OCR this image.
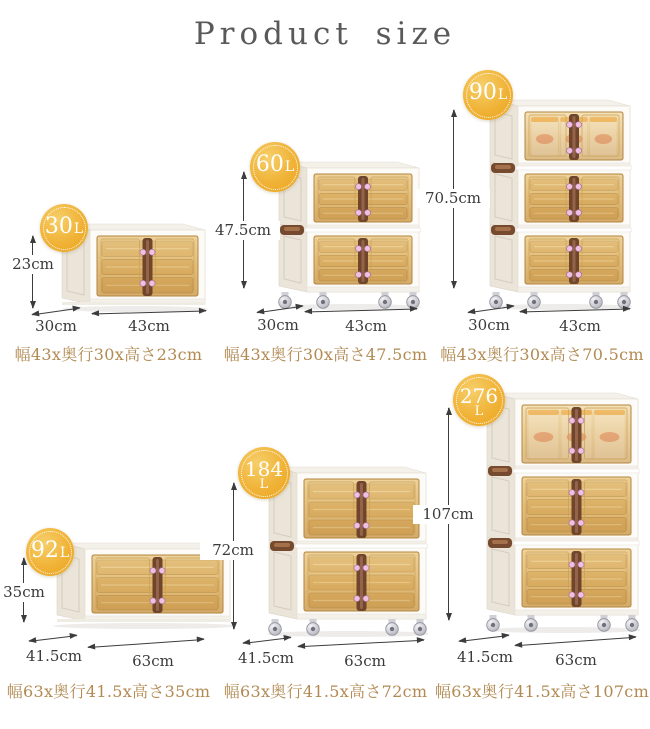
Product size
30 L
23cm
30cm	43cm
幅43x奥行30x高さ23cm
60 L
47.5cm
30cm	43cm
幅43x奥行30x高さ47.5cm
90 L
70.5cm
30cm	43cm
幅43x奥行30x高さ70.5cm
92 L
35cm
41.5cm	63cm
幅63x奥行41.5x高さ35cm
184
L
72cm
41.5cm	63cm
幅63x奥行41.5x高さ72cm
276
L
107cm
41.5cm	63cm
幅63x奥行41.5x高さ107cm
